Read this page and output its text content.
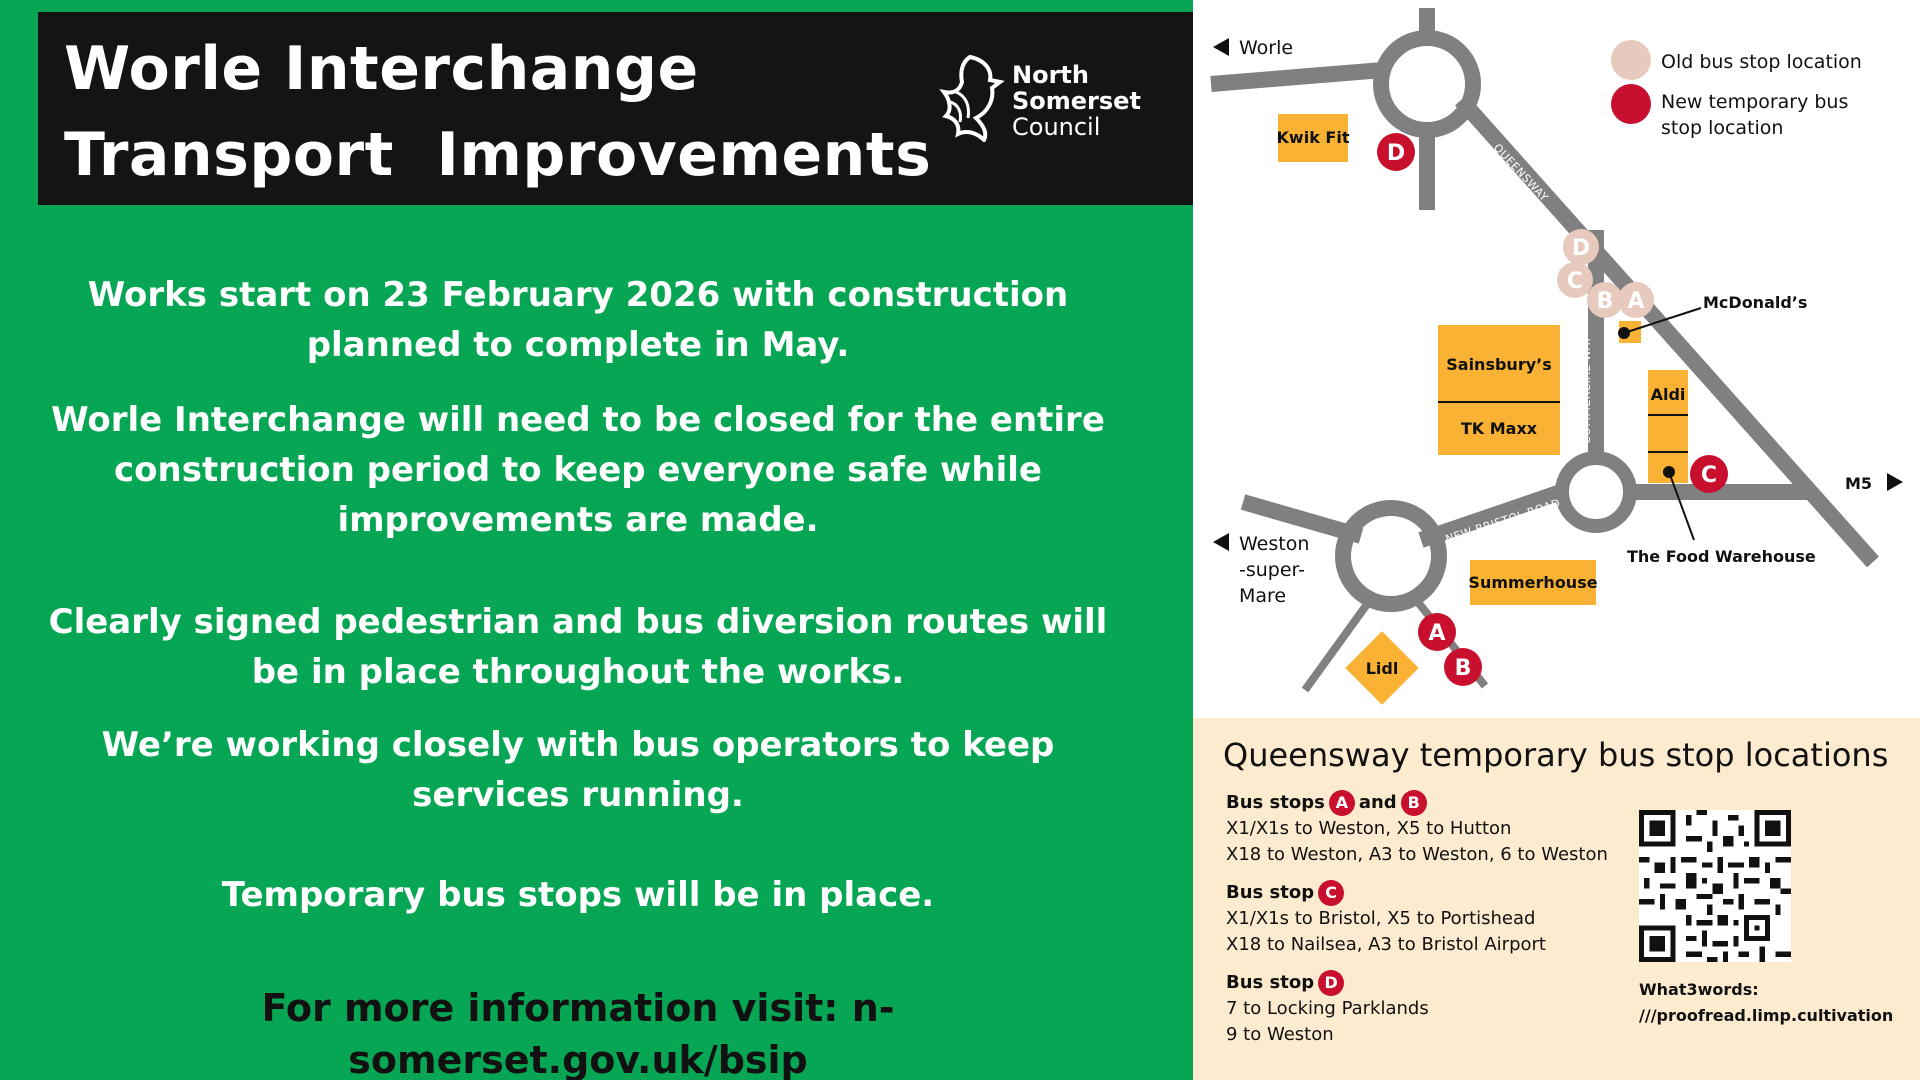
Worle Interchange
Transport  Improvements
North
Somerset
Council
Works start on 23 February 2026 with construction planned to complete in May.
Worle Interchange will need to be closed for the entire construction period to keep everyone safe while improvements are made.
Clearly signed pedestrian and bus diversion routes will be in place throughout the works.
We’re working closely with bus operators to keep services running.
Temporary bus stops will be in place.
For more information visit: n-somerset.gov.uk/bsip
QUEENSWAY
COMMERCIAL WAY
NEW BRISTOL ROAD
Kwik Fit
Sainsbury’s
TK Maxx
Aldi
McDonald’s
The Food Warehouse
Summerhouse
Lidl
D
C
B A
D
C
A
B
Worle
M5
Weston
-super-
Mare
Old bus stop location
New temporary bus
stop location
Queensway temporary bus stop locations
Bus stops A and B
X1/X1s to Weston, X5 to Hutton
X18 to Weston, A3 to Weston, 6 to Weston
Bus stop C
X1/X1s to Bristol, X5 to Portishead
X18 to Nailsea, A3 to Bristol Airport
Bus stop D
7 to Locking Parklands
9 to Weston
What3words:
///proofread.limp.cultivation
